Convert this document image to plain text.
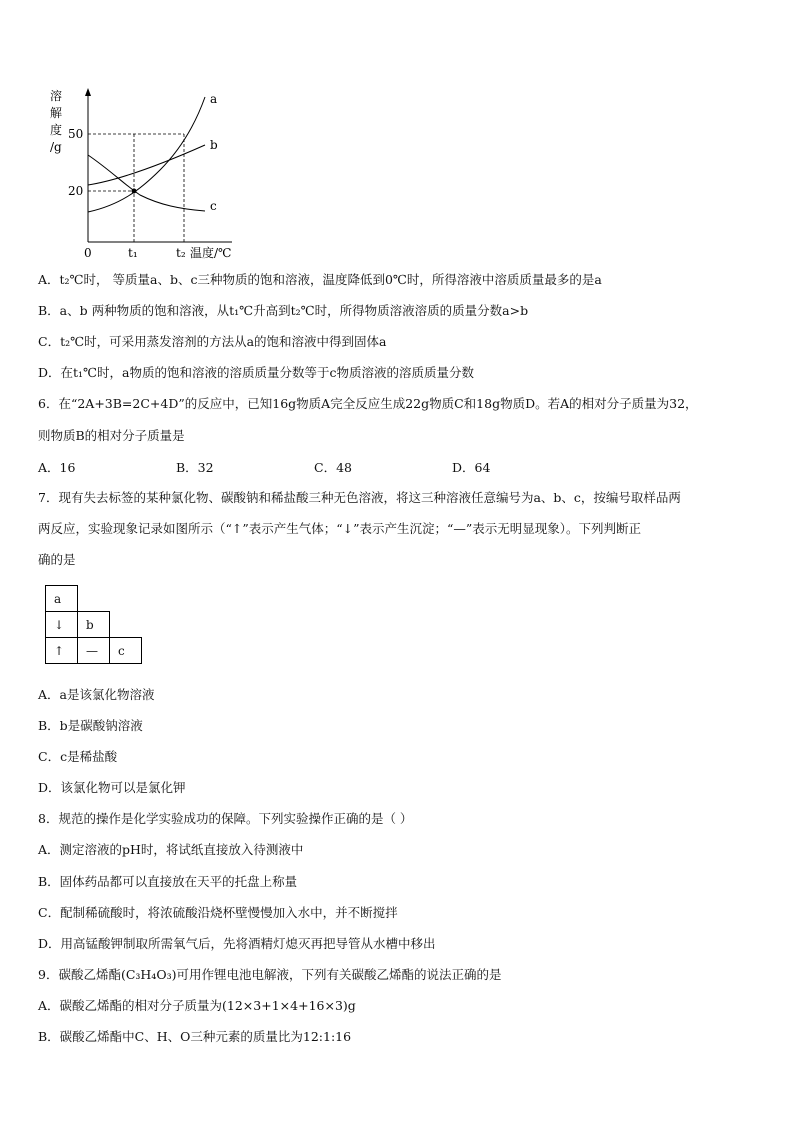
溶
解
度
/g
50
20
a
b
c
0	t₁	t₂ 温度/℃
A．t₂℃时， 等质量a、b、c三种物质的饱和溶液，温度降低到0℃时，所得溶液中溶质质量最多的是a
B．a、b 两种物质的饱和溶液，从t₁℃升高到t₂℃时，所得物质溶液溶质的质量分数a>b
C．t₂℃时，可采用蒸发溶剂的方法从a的饱和溶液中得到固体a
D．在t₁℃时，a物质的饱和溶液的溶质质量分数等于c物质溶液的溶质质量分数
6．在“2A+3B=2C+4D”的反应中，已知16g物质A完全反应生成22g物质C和18g物质D。若A的相对分子质量为32，
则物质B的相对分子质量是
A．16	B．32	C．48	D．64
7．现有失去标签的某种氯化物、碳酸钠和稀盐酸三种无色溶液，将这三种溶液任意编号为a、b、c，按编号取样品两
两反应，实验现象记录如图所示（“↑”表示产生气体；“↓”表示产生沉淀；“—”表示无明显现象）。下列判断正
确的是
a		
↓	b	
↑	—	c
A．a是该氯化物溶液
B．b是碳酸钠溶液
C．c是稀盐酸
D．该氯化物可以是氯化钾
8．规范的操作是化学实验成功的保障。下列实验操作正确的是（ ）
A．测定溶液的pH时，将试纸直接放入待测液中
B．固体药品都可以直接放在天平的托盘上称量
C．配制稀硫酸时，将浓硫酸沿烧杯壁慢慢加入水中，并不断搅拌
D．用高锰酸钾制取所需氧气后，先将酒精灯熄灭再把导管从水槽中移出
9．碳酸乙烯酯(C₃H₄O₃)可用作锂电池电解液，下列有关碳酸乙烯酯的说法正确的是
A．碳酸乙烯酯的相对分子质量为(12×3+1×4+16×3)g
B．碳酸乙烯酯中C、H、O三种元素的质量比为12:1:16
